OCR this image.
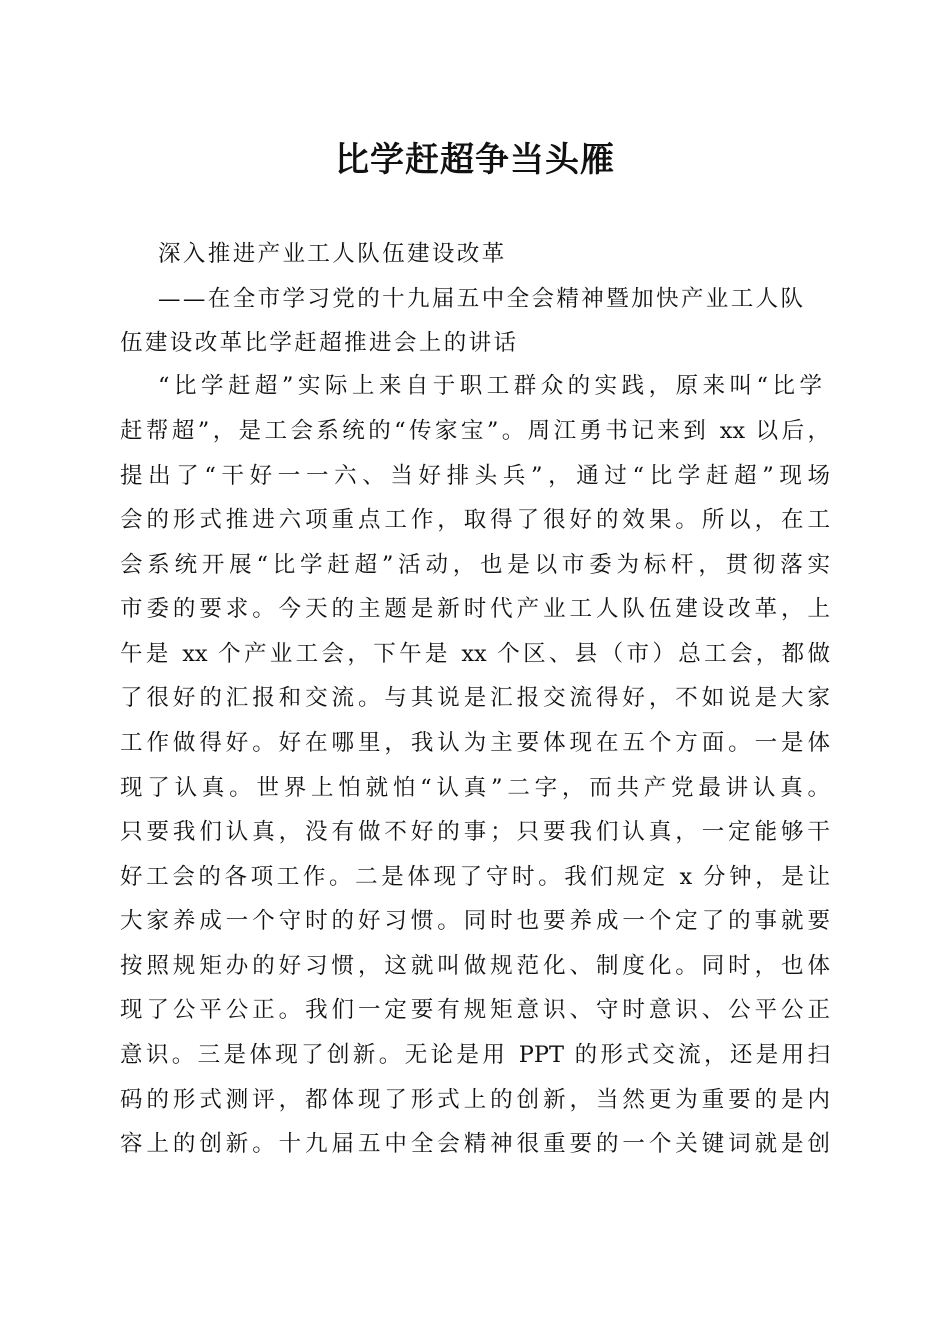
比学赶超争当头雁
深入推进产业工人队伍建设改革
——在全市学习党的十九届五中全会精神暨加快产业工人队
伍建设改革比学赶超推进会上的讲话
“比学赶超”实际上来自于职工群众的实践，原来叫“比学
赶帮超”，是工会系统的“传家宝”。周江勇书记来到 xx 以后，
提出了“干好一一六、当好排头兵”，通过“比学赶超”现场
会的形式推进六项重点工作，取得了很好的效果。所以，在工
会系统开展“比学赶超”活动，也是以市委为标杆，贯彻落实
市委的要求。今天的主题是新时代产业工人队伍建设改革，上
午是 xx 个产业工会，下午是 xx 个区、县（市）总工会，都做
了很好的汇报和交流。与其说是汇报交流得好，不如说是大家
工作做得好。好在哪里，我认为主要体现在五个方面。一是体
现了认真。世界上怕就怕“认真”二字，而共产党最讲认真。
只要我们认真，没有做不好的事；只要我们认真，一定能够干
好工会的各项工作。二是体现了守时。我们规定 x 分钟，是让
大家养成一个守时的好习惯。同时也要养成一个定了的事就要
按照规矩办的好习惯，这就叫做规范化、制度化。同时，也体
现了公平公正。我们一定要有规矩意识、守时意识、公平公正
意识。三是体现了创新。无论是用 PPT 的形式交流，还是用扫
码的形式测评，都体现了形式上的创新，当然更为重要的是内
容上的创新。十九届五中全会精神很重要的一个关键词就是创
